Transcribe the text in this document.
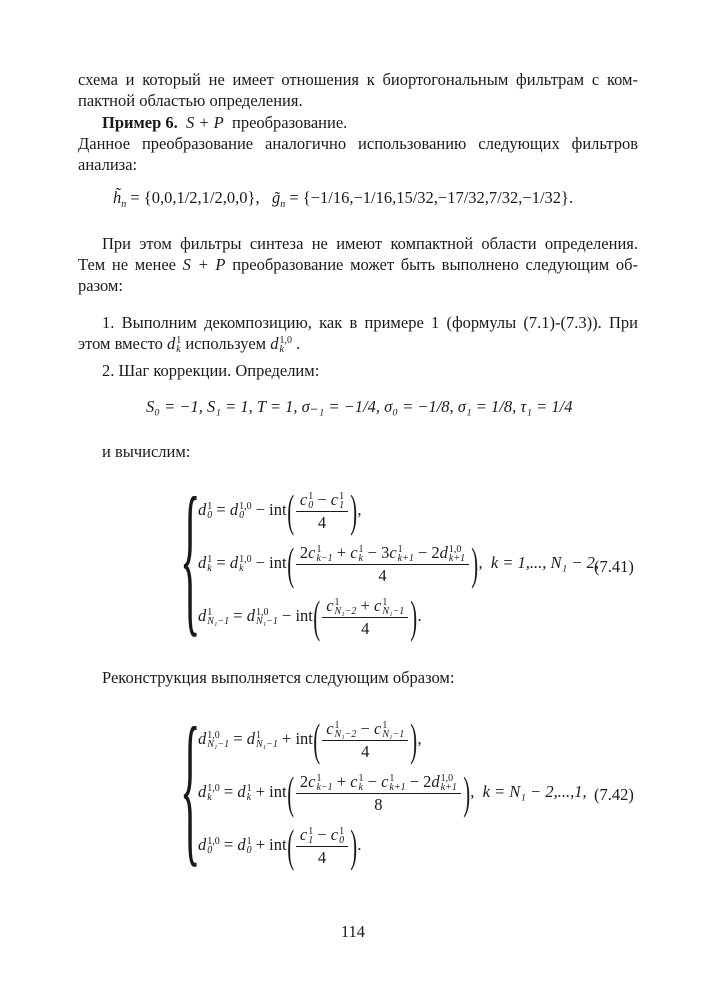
схема и который не имеет отношения к биортогональным фильтрам с ком-
пактной областью определения.
Пример 6. S + P преобразование.
Данное преобразование аналогично использованию следующих фильтров
анализа:
$h̃_n = \{0,0,1/2,1/2,0,0\}$, $g̃_n = \{-1/16,-1/16,15/32,-17/32,7/32,-1/32\}$.
При этом фильтры синтеза не имеют компактной области определения.
Тем не менее S + P преобразование может быть выполнено следующим об-
разом:
1. Выполним декомпозицию, как в примере 1 (формулы (7.1)-(7.3)). При
этом вместо d 1
k используем d 1,0
k .
2. Шаг коррекции. Определим:
S₀ = −1, S₁ = 1, T = 1, σ₋₁ = −1/4, σ₀ = −1/8, σ₁ = 1/8, τ₁ = 1/4
и вычислим:
{
d 1
0 = d 1,0
0 − int( c 1
0 − c 1
1
4 ),
d 1
k = d 1,0
k − int( 2c 1
k−1 + c 1
k − 3c 1
k+1 − 2d 1,0
k+1
4 ),  k = 1,..., N₁ − 2,
(7.41)
d 1
N₁−1 = d 1,0
N₁−1 − int( c 1
N₁−2 + c 1
N₁−1
4 ).
Реконструкция выполняется следующим образом:
{
d 1,0
N₁−1 = d 1
N₁−1 + int( c 1
N₁−2 − c 1
N₁−1
4 ),
d 1,0
k = d 1
k + int( 2c 1
k−1 + c 1
k − c 1
k+1 − 2d 1,0
k+1
8 ),  k = N₁ − 2,...,1, (7.42)
d 1,0
0 = d 1
0 + int( c 1
1 − c 1
0
4 ).
114
